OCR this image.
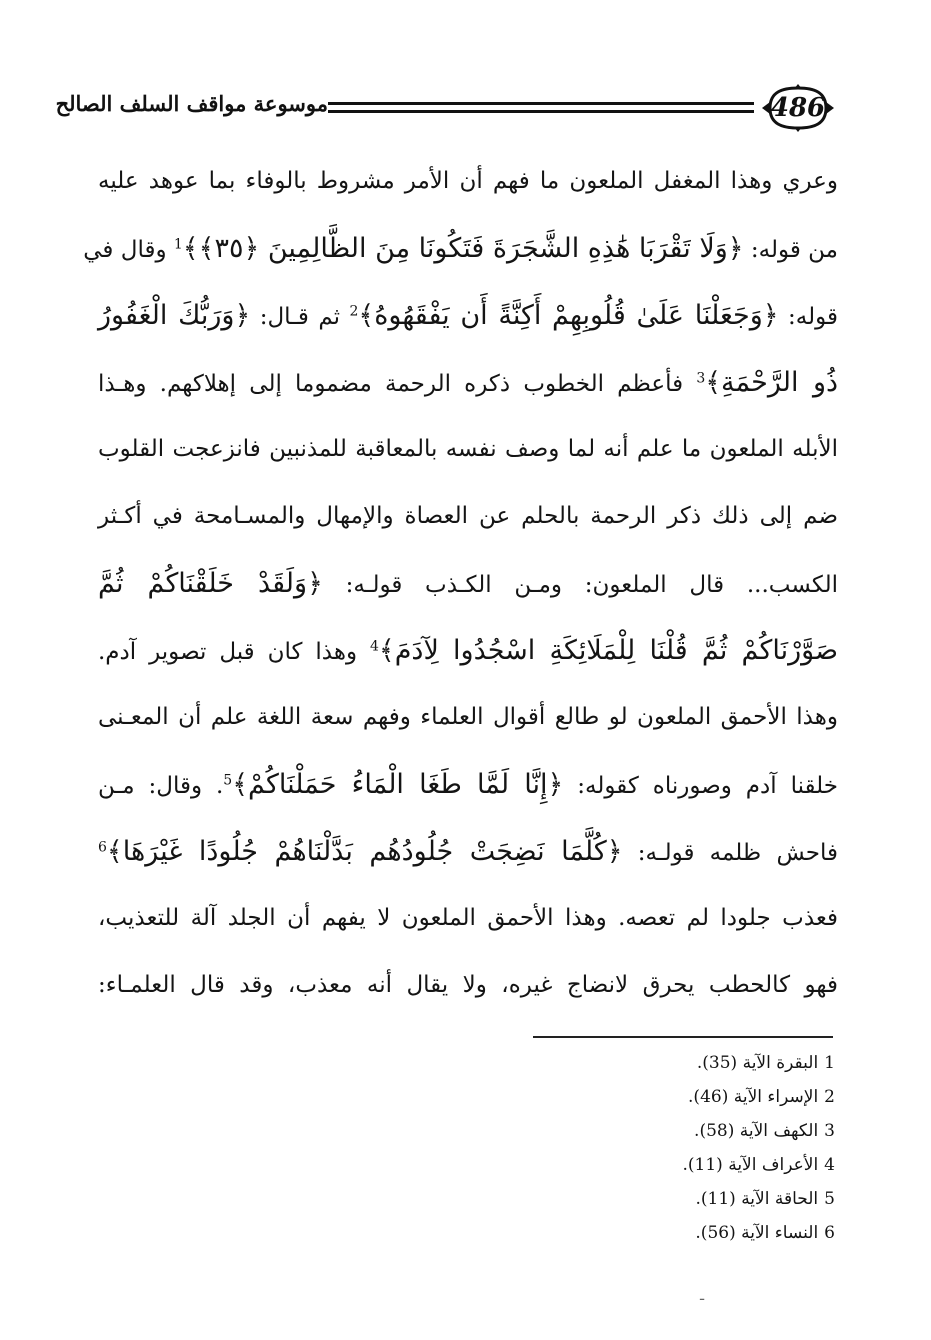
موسوعة مواقف السلف الصالح	486
وعري وهذا المغفل الملعون ما فهم أن الأمر مشروط بالوفاء بما عوهد عليه
من قوله: ﴿وَلَا تَقْرَبَا هَٰذِهِ الشَّجَرَةَ فَتَكُونَا مِنَ الظَّالِمِينَ ﴿٣٥﴾﴾$^1$ وقال في
قوله: ﴿وَجَعَلْنَا عَلَىٰ قُلُوبِهِمْ أَكِنَّةً أَن يَفْقَهُوهُ﴾$^2$ ثم قـال: ﴿وَرَبُّكَ الْغَفُورُ
ذُو الرَّحْمَةِ﴾$^3$ فأعظم الخطوب ذكره الرحمة مضموما إلى إهلاكهم. وهـذا
الأبله الملعون ما علم أنه لما وصف نفسه بالمعاقبة للمذنبين فانزعجت القلوب
ضم إلى ذلك ذكر الرحمة بالحلم عن العصاة والإمهال والمسـامحة في أكـثر
الكسب... قال الملعون: ومـن الكـذب قولـه: ﴿وَلَقَدْ خَلَقْنَاكُمْ ثُمَّ
صَوَّرْنَاكُمْ ثُمَّ قُلْنَا لِلْمَلَائِكَةِ اسْجُدُوا لِآدَمَ﴾$^4$ وهذا كان قبل تصوير آدم.
وهذا الأحمق الملعون لو طالع أقوال العلماء وفهم سعة اللغة علم أن المعـنى
خلقنا آدم وصورناه كقوله: ﴿إِنَّا لَمَّا طَغَا الْمَاءُ حَمَلْنَاكُمْ﴾$^5$. وقال: مـن
فاحش ظلمه قولـه: ﴿كُلَّمَا نَضِجَتْ جُلُودُهُم بَدَّلْنَاهُمْ جُلُودًا غَيْرَهَا﴾$^6$
فعذب جلودا لم تعصه. وهذا الأحمق الملعون لا يفهم أن الجلد آلة للتعذيب،
فهو كالحطب يحرق لانضاج غيره، ولا يقال أنه معذب، وقد قال العلمـاء:
1البقرة الآية (35).
2الإسراء الآية (46).
3الكهف الآية (58).
4الأعراف الآية (11).
5الحاقة الآية (11).
6النساء الآية (56).
ـ
